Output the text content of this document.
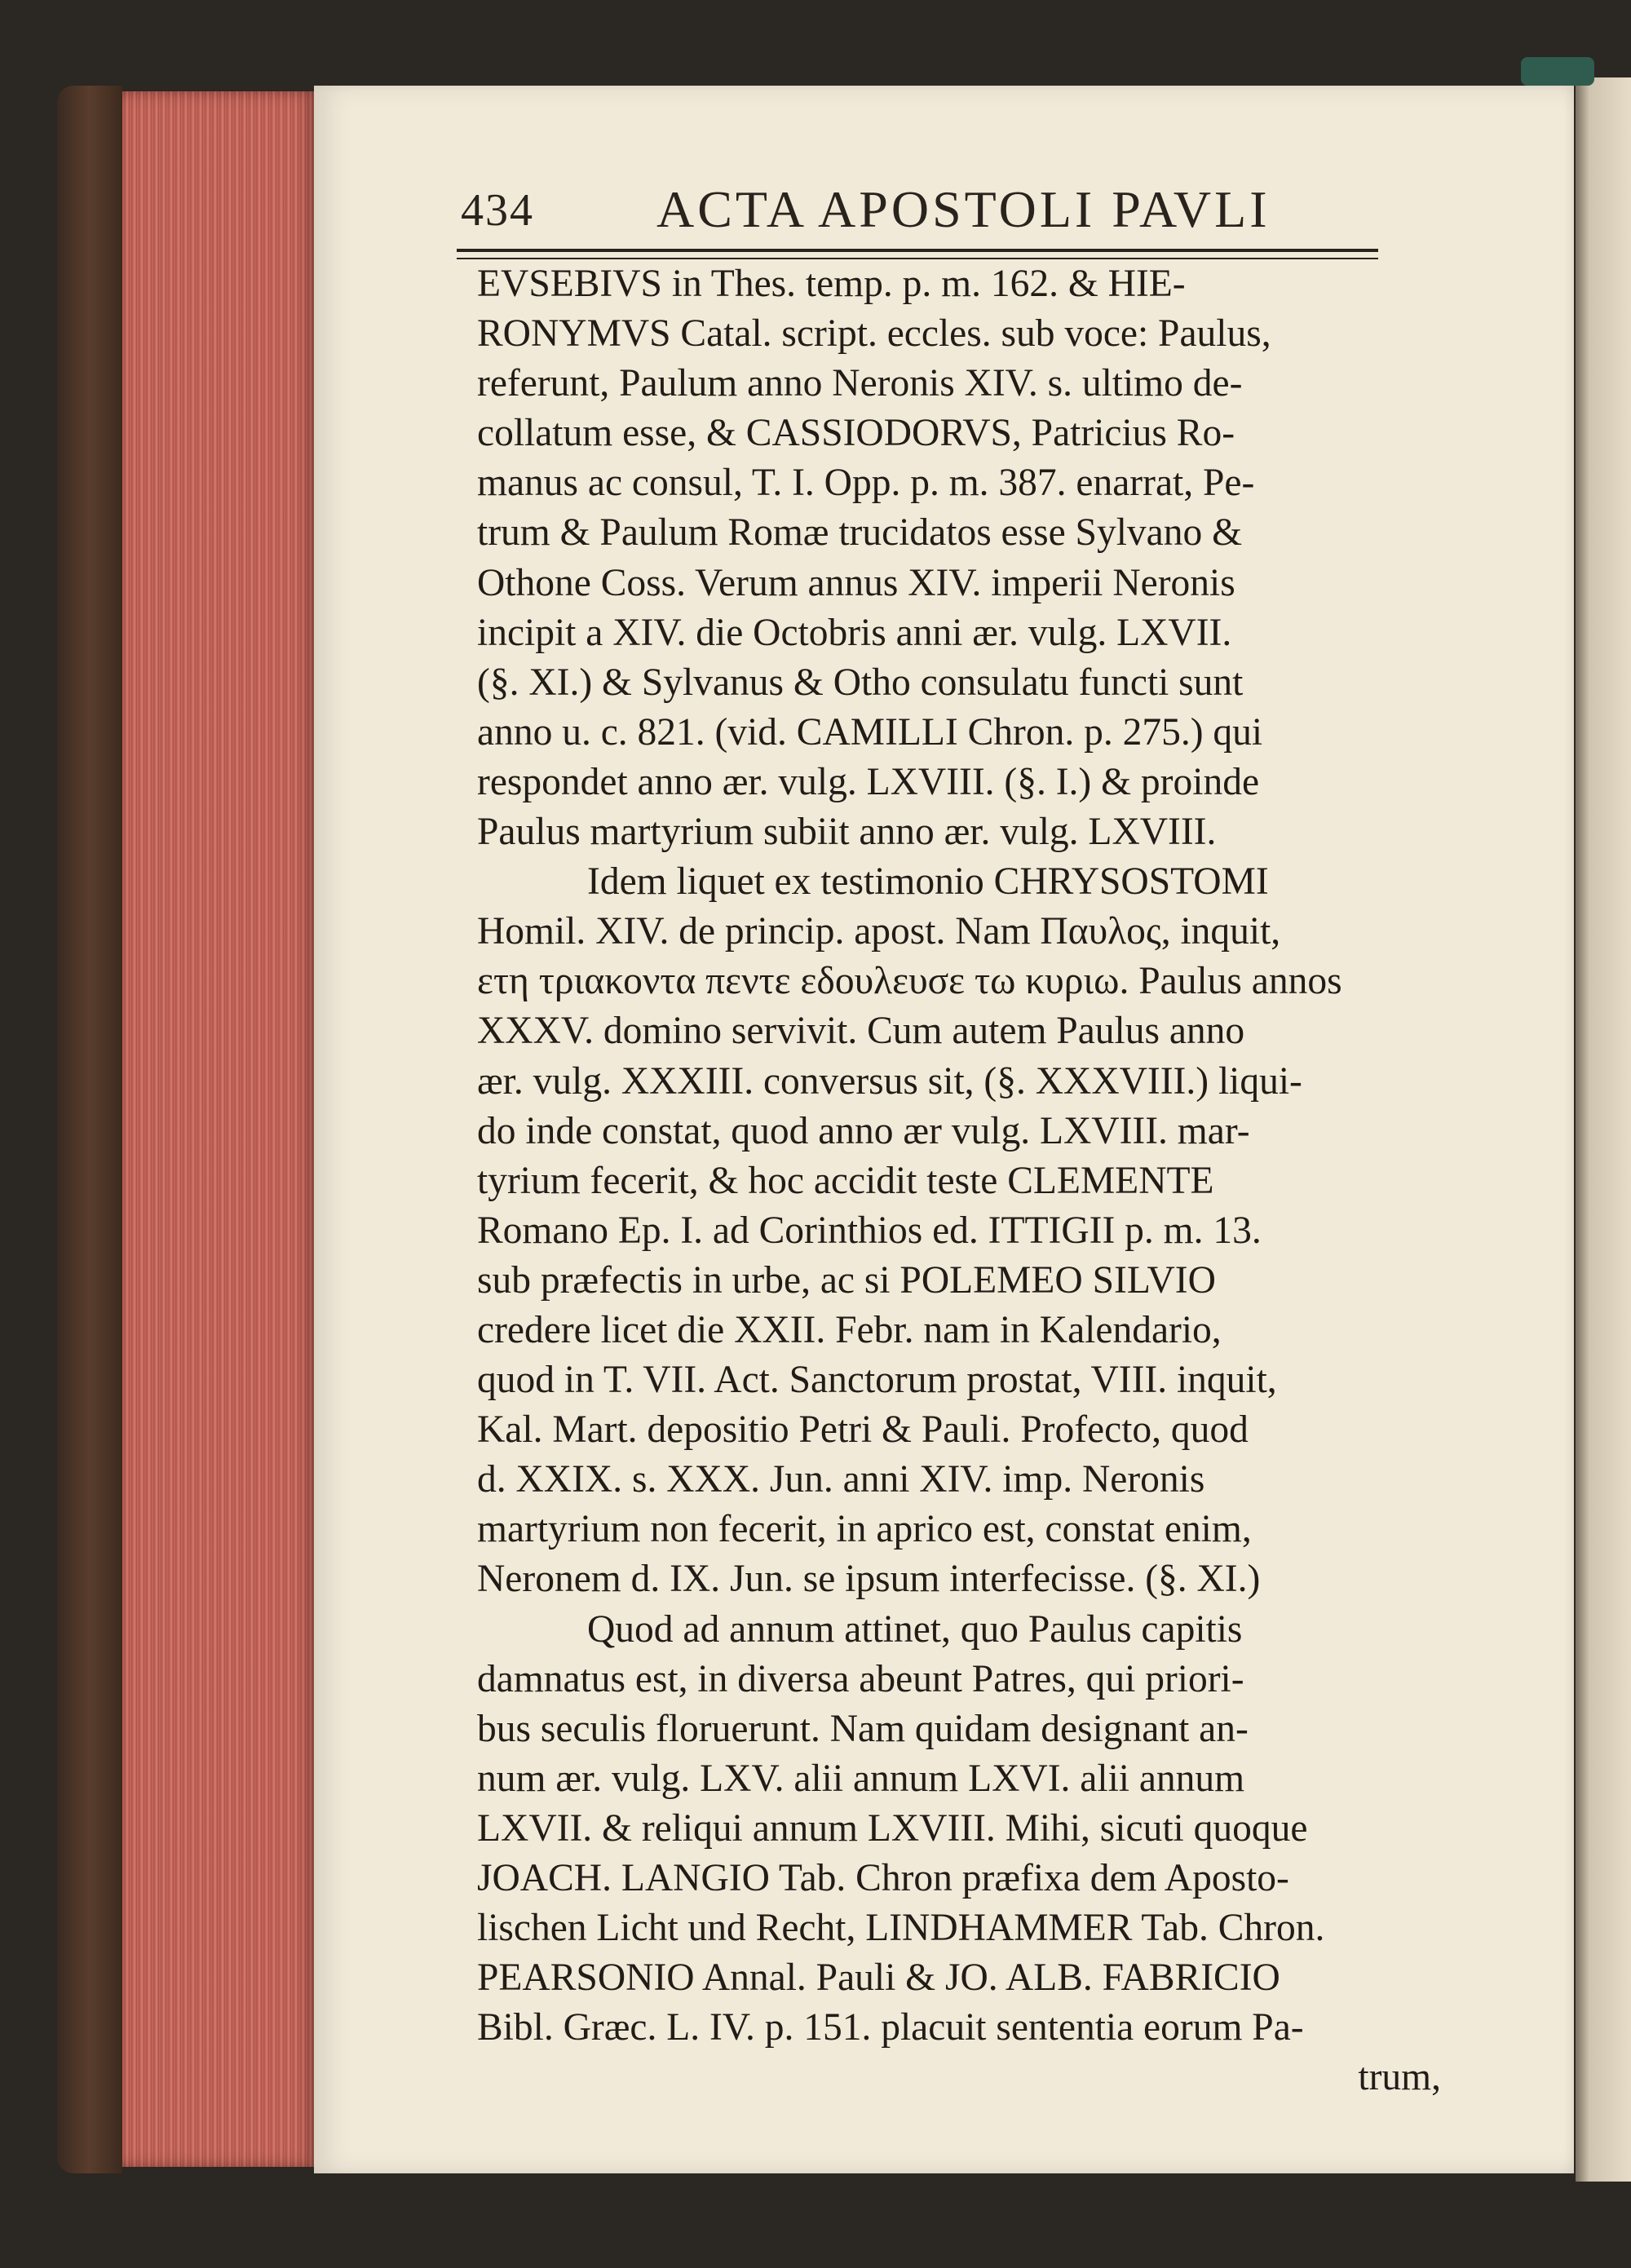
434 ACTA APOSTOLI PAVLI
EVSEBIVS in Thes. temp. p. m. 162. & HIE-
RONYMVS Catal. script. eccles. sub voce: Paulus,
referunt, Paulum anno Neronis XIV. s. ultimo de-
collatum esse, & CASSIODORVS, Patricius Ro-
manus ac consul, T. I. Opp. p. m. 387. enarrat, Pe-
trum & Paulum Romæ trucidatos esse Sylvano &
Othone Coss. Verum annus XIV. imperii Neronis
incipit a XIV. die Octobris anni ær. vulg. LXVII.
(§. XI.) & Sylvanus & Otho consulatu functi sunt
anno u. c. 821. (vid. CAMILLI Chron. p. 275.) qui
respondet anno ær. vulg. LXVIII. (§. I.) & proinde
Paulus martyrium subiit anno ær. vulg. LXVIII.
Idem liquet ex testimonio CHRYSOSTOMI
Homil. XIV. de princip. apost. Nam Παυλος, inquit,
ετη τριακοντα πεντε εδουλευσε τω κυριω. Paulus annos
XXXV. domino servivit. Cum autem Paulus anno
ær. vulg. XXXIII. conversus sit, (§. XXXVIII.) liqui-
do inde constat, quod anno ær vulg. LXVIII. mar-
tyrium fecerit, & hoc accidit teste CLEMENTE
Romano Ep. I. ad Corinthios ed. ITTIGII p. m. 13.
sub præfectis in urbe, ac si POLEMEO SILVIO
credere licet die XXII. Febr. nam in Kalendario,
quod in T. VII. Act. Sanctorum prostat, VIII. inquit,
Kal. Mart. depositio Petri & Pauli. Profecto, quod
d. XXIX. s. XXX. Jun. anni XIV. imp. Neronis
martyrium non fecerit, in aprico est, constat enim,
Neronem d. IX. Jun. se ipsum interfecisse. (§. XI.)
Quod ad annum attinet, quo Paulus capitis
damnatus est, in diversa abeunt Patres, qui priori-
bus seculis floruerunt. Nam quidam designant an-
num ær. vulg. LXV. alii annum LXVI. alii annum
LXVII. & reliqui annum LXVIII. Mihi, sicuti quoque
JOACH. LANGIO Tab. Chron præfixa dem Aposto-
lischen Licht und Recht, LINDHAMMER Tab. Chron.
PEARSONIO Annal. Pauli & JO. ALB. FABRICIO
Bibl. Græc. L. IV. p. 151. placuit sententia eorum Pa-
trum,
